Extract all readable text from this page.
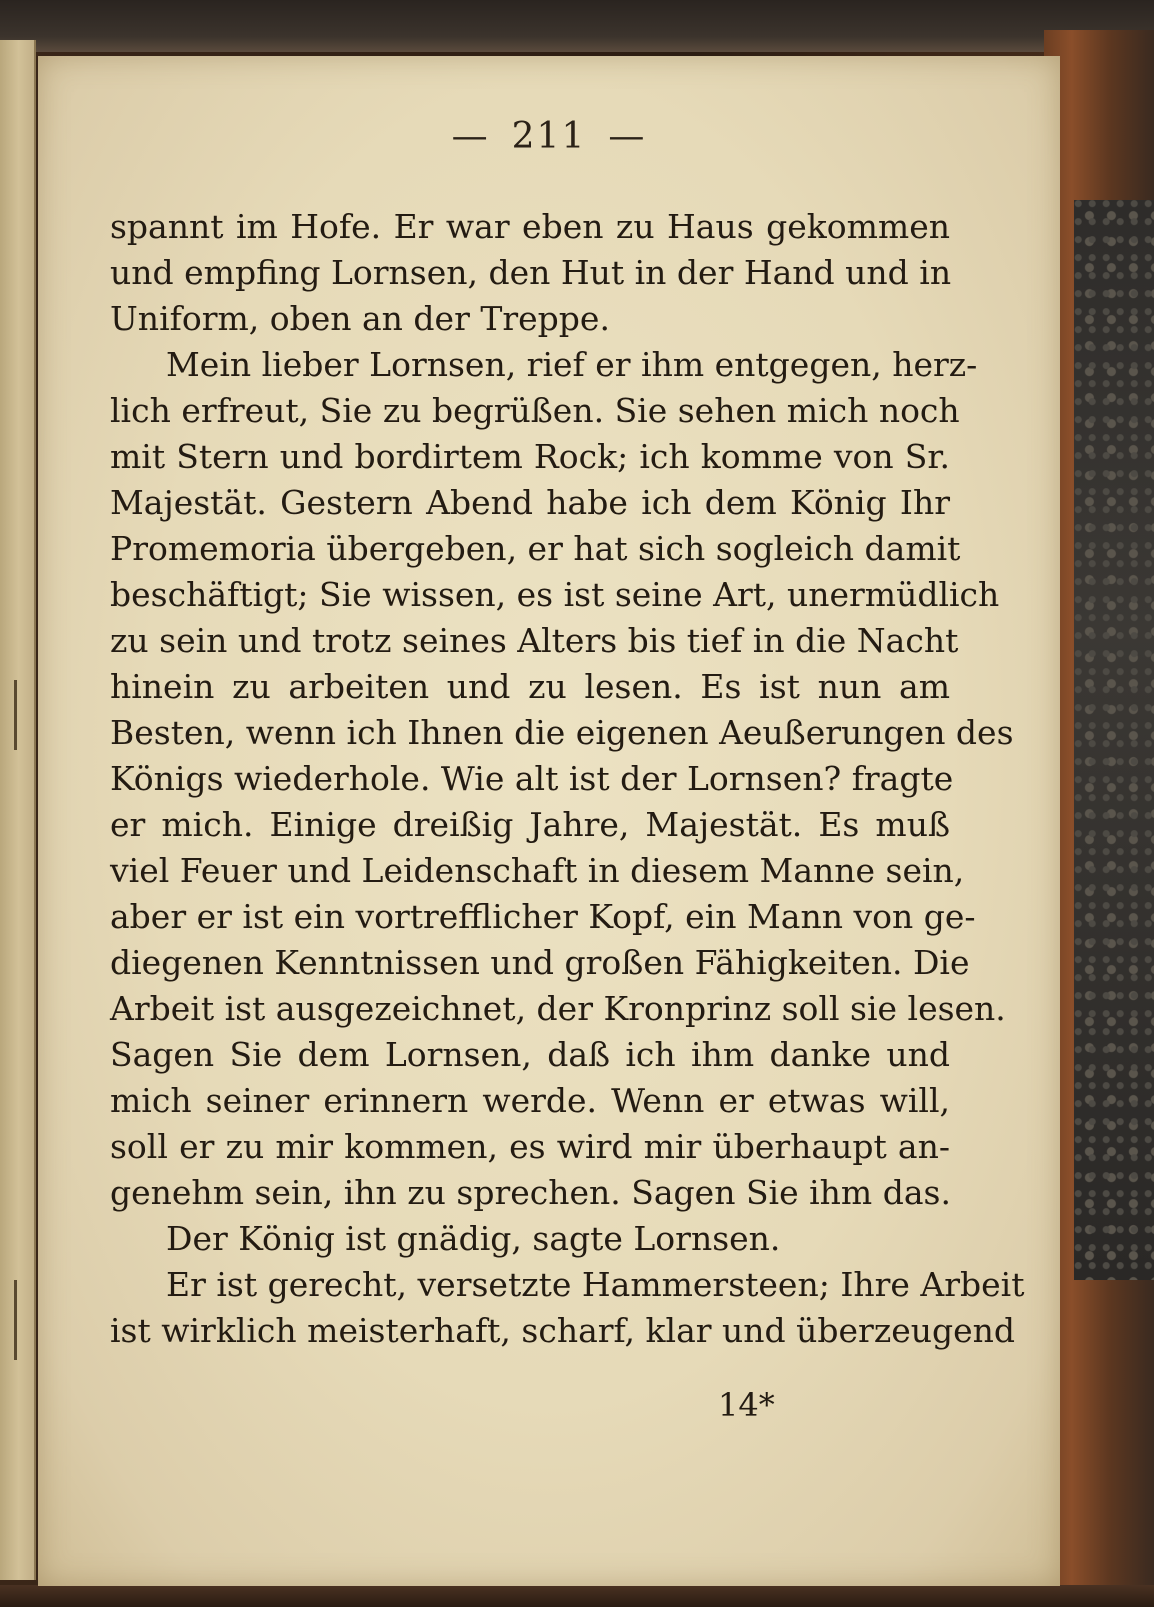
— 211 —
spannt im Hofe. Er war eben zu Haus gekommen
und empfing Lornsen, den Hut in der Hand und in
Uniform, oben an der Treppe.
Mein lieber Lornsen, rief er ihm entgegen, herz-
lich erfreut, Sie zu begrüßen. Sie sehen mich noch
mit Stern und bordirtem Rock; ich komme von Sr.
Majestät. Gestern Abend habe ich dem König Ihr
Promemoria übergeben, er hat sich sogleich damit
beschäftigt; Sie wissen, es ist seine Art, unermüdlich
zu sein und trotz seines Alters bis tief in die Nacht
hinein zu arbeiten und zu lesen. Es ist nun am
Besten, wenn ich Ihnen die eigenen Aeußerungen des
Königs wiederhole. Wie alt ist der Lornsen? fragte
er mich. Einige dreißig Jahre, Majestät. Es muß
viel Feuer und Leidenschaft in diesem Manne sein,
aber er ist ein vortrefflicher Kopf, ein Mann von ge-
diegenen Kenntnissen und großen Fähigkeiten. Die
Arbeit ist ausgezeichnet, der Kronprinz soll sie lesen.
Sagen Sie dem Lornsen, daß ich ihm danke und
mich seiner erinnern werde. Wenn er etwas will,
soll er zu mir kommen, es wird mir überhaupt an-
genehm sein, ihn zu sprechen. Sagen Sie ihm das.
Der König ist gnädig, sagte Lornsen.
Er ist gerecht, versetzte Hammersteen; Ihre Arbeit
ist wirklich meisterhaft, scharf, klar und überzeugend
14*
